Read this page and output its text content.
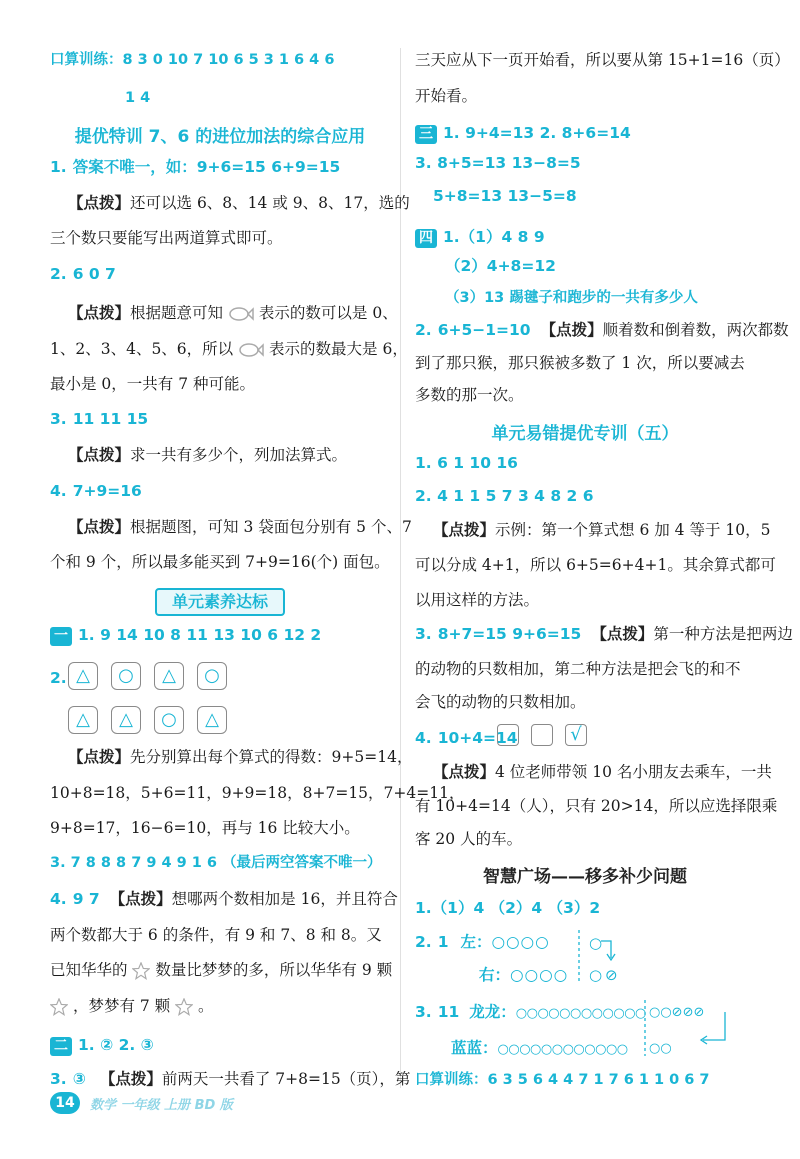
口算训练：8 3 0 10 7 10 6 5 3 1 6 4 6
1 4
提优特训 7、6 的进位加法的综合应用
1. 答案不唯一，如：9+6=15 6+9=15
【点拨】还可以选 6、8、14 或 9、8、17，选的
三个数只要能写出两道算式即可。
2. 6 0 7
【点拨】根据题意可知 表示的数可以是 0、
1、2、3、4、5、6，所以 表示的数最大是 6，
最小是 0，一共有 7 种可能。
3. 11 11 15
【点拨】求一共有多少个，列加法算式。
4. 7+9=16
【点拨】根据题图，可知 3 袋面包分别有 5 个、7
个和 9 个，所以最多能买到 7+9=16(个) 面包。
单元素养达标
一 1. 9 14 10 8 11 13 10 6 12 2
2. △	○	△	○
△	△	○	△
【点拨】先分别算出每个算式的得数：9+5=14，
10+8=18，5+6=11，9+9=18，8+7=15，7+4=11，
9+8=17，16−6=10，再与 16 比较大小。
3. 7 8 8 8 7 9 4 9 1 6 （最后两空答案不唯一）
4. 9 7 【点拨】想哪两个数相加是 16，并且符合
两个数都大于 6 的条件，有 9 和 7、8 和 8。又
已知华华的 数量比梦梦的多，所以华华有 9 颗
，梦梦有 7 颗 。
二 1. ② 2. ③
3. ③ 【点拨】前两天一共看了 7+8=15（页），第
三天应从下一页开始看，所以要从第 15+1=16（页）
开始看。
三 1. 9+4=13 2. 8+6=14
3. 8+5=13 13−8=5
5+8=13 13−5=8
四 1.（1）4 8 9
（2）4+8=12
（3）13 踢毽子和跑步的一共有多少人
2. 6+5−1=10 【点拨】顺着数和倒着数，两次都数
到了那只猴，那只猴被多数了 1 次，所以要减去
多数的那一次。
单元易错提优专训（五）
1. 6 1 10 16
2. 4 1 1 5 7 3 4 8 2 6
【点拨】示例：第一个算式想 6 加 4 等于 10，5
可以分成 4+1，所以 6+5=6+4+1。其余算式都可
以用这样的方法。
3. 8+7=15 9+6=15 【点拨】第一种方法是把两边
的动物的只数相加，第二种方法是把会飞的和不
会飞的动物的只数相加。
4. 10+4=14	√
【点拨】4 位老师带领 10 名小朋友去乘车，一共
有 10+4=14（人），只有 20>14，所以应选择限乘
客 20 人的车。
智慧广场——移多补少问题
1.（1）4 （2）4 （3）2
2. 1 左：○○○○
右：○○○○
○
○ ⊘
3. 11 龙龙：○○○○○○○○○○○○
蓝蓝：○○○○○○○○○○○○
○○⊘⊘⊘
○○
口算训练：6 3 5 6 4 4 7 1 7 6 1 1 0 6 7
14	数学 一年级 上册 BD 版
